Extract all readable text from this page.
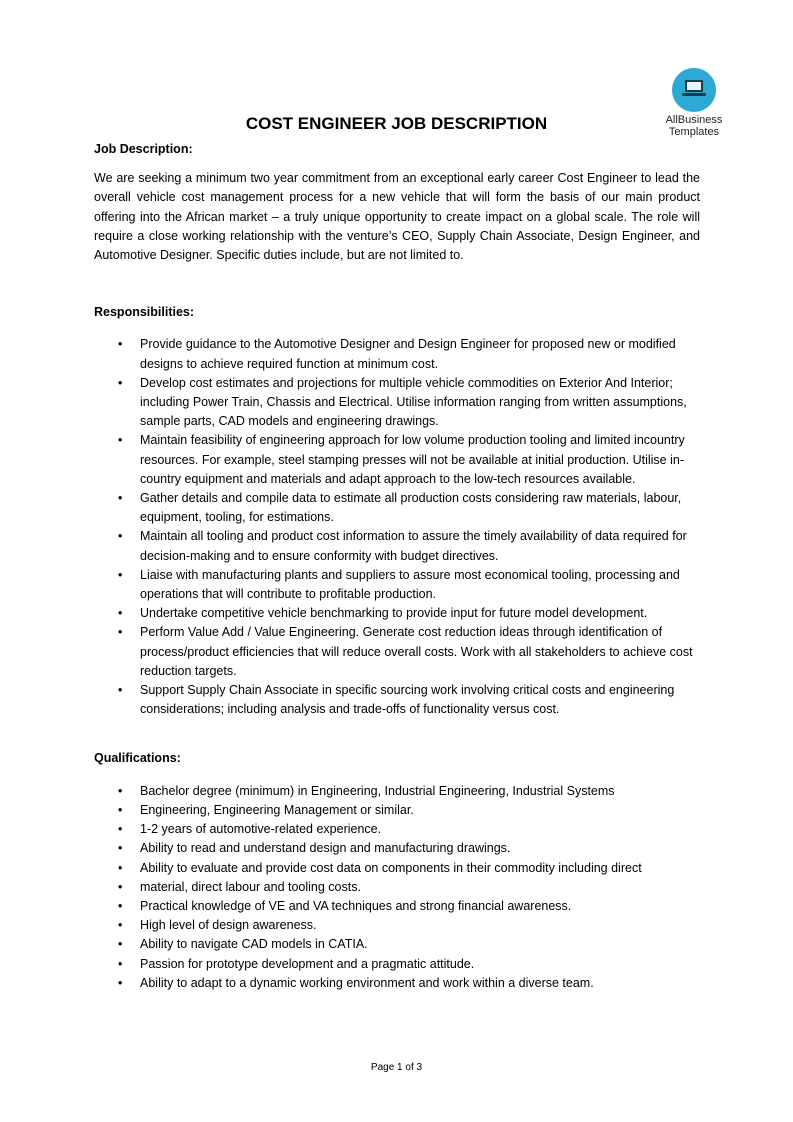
AllBusiness
Templates
COST ENGINEER JOB DESCRIPTION

Job Description:

We are seeking a minimum two year commitment from an exceptional early career Cost Engineer to lead the overall vehicle cost management process for a new vehicle that will form the basis of our main product offering into the African market – a truly unique opportunity to create impact on a global scale. The role will require a close working relationship with the venture’s CEO, Supply Chain Associate, Design Engineer, and Automotive Designer. Specific duties include, but are not limited to.

Responsibilities:

• Provide guidance to the Automotive Designer and Design Engineer for proposed new or modified designs to achieve required function at minimum cost.
• Develop cost estimates and projections for multiple vehicle commodities on Exterior And Interior; including Power Train, Chassis and Electrical. Utilise information ranging from written assumptions, sample parts, CAD models and engineering drawings.
• Maintain feasibility of engineering approach for low volume production tooling and limited incountry resources. For example, steel stamping presses will not be available at initial production. Utilise in-country equipment and materials and adapt approach to the low-tech resources available.
• Gather details and compile data to estimate all production costs considering raw materials, labour, equipment, tooling, for estimations.
• Maintain all tooling and product cost information to assure the timely availability of data required for decision-making and to ensure conformity with budget directives.
• Liaise with manufacturing plants and suppliers to assure most economical tooling, processing and operations that will contribute to profitable production.
• Undertake competitive vehicle benchmarking to provide input for future model development.
• Perform Value Add / Value Engineering. Generate cost reduction ideas through identification of process/product efficiencies that will reduce overall costs. Work with all stakeholders to achieve cost reduction targets.
• Support Supply Chain Associate in specific sourcing work involving critical costs and engineering considerations; including analysis and trade-offs of functionality versus cost.

Qualifications:

• Bachelor degree (minimum) in Engineering, Industrial Engineering, Industrial Systems
• Engineering, Engineering Management or similar.
• 1-2 years of automotive-related experience.
• Ability to read and understand design and manufacturing drawings.
• Ability to evaluate and provide cost data on components in their commodity including direct
• material, direct labour and tooling costs.
• Practical knowledge of VE and VA techniques and strong financial awareness.
• High level of design awareness.
• Ability to navigate CAD models in CATIA.
• Passion for prototype development and a pragmatic attitude.
• Ability to adapt to a dynamic working environment and work within a diverse team.
Page 1 of 3
